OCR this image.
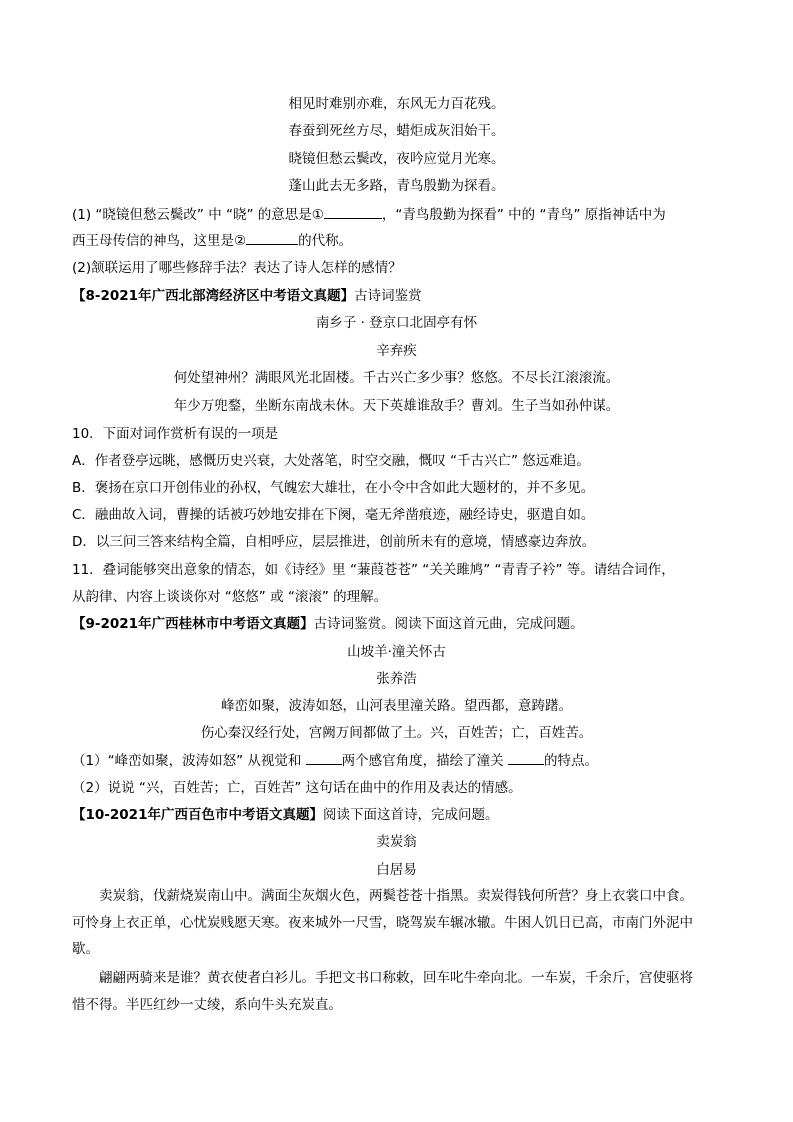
相见时难别亦难，东风无力百花残。
春蚕到死丝方尽，蜡炬成灰泪始干。
晓镜但愁云鬓改，夜吟应觉月光寒。
蓬山此去无多路，青鸟殷勤为探看。
(1) “晓镜但愁云鬓改” 中 “晓” 的意思是①	，“青鸟殷勤为探看” 中的 “青鸟” 原指神话中为
西王母传信的神鸟，这里是②	的代称。
(2)颔联运用了哪些修辞手法？表达了诗人怎样的感情？
【8-2021年广西北部湾经济区中考语文真题】古诗词鉴赏
南乡子 · 登京口北固亭有怀
辛弃疾
何处望神州？满眼风光北固楼。千古兴亡多少事？悠悠。不尽长江滚滚流。
年少万兜鍪，坐断东南战未休。天下英雄谁敌手？曹刘。生子当如孙仲谋。
10．下面对词作赏析有误的一项是
A．作者登亭远眺，感慨历史兴衰，大处落笔，时空交融，慨叹 “千古兴亡” 悠远难追。
B．褒扬在京口开创伟业的孙权，气魄宏大雄壮，在小令中含如此大题材的，并不多见。
C．融曲故入词，曹操的话被巧妙地安排在下阕，毫无斧凿痕迹，融经诗史，驱遣自如。
D．以三问三答来结构全篇，自相呼应，层层推进，创前所未有的意境，情感豪边奔放。
11．叠词能够突出意象的情态，如《诗经》里 “蒹葭苍苍” “关关雎鸠” “青青子衿” 等。请结合词作，
从韵律、内容上谈谈你对 “悠悠” 或 “滚滚” 的理解。
【9-2021年广西桂林市中考语文真题】古诗词鉴赏。阅读下面这首元曲，完成问题。
山坡羊·潼关怀古
张养浩
峰峦如聚，波涛如怒，山河表里潼关路。望西都，意踌躇。
伤心秦汉经行处，宫阙万间都做了土。兴，百姓苦；亡，百姓苦。
（1）“峰峦如聚，波涛如怒” 从视觉和	两个感官角度，描绘了潼关	的特点。
（2）说说 “兴，百姓苦；亡，百姓苦” 这句话在曲中的作用及表达的情感。
【10-2021年广西百色市中考语文真题】阅读下面这首诗，完成问题。
卖炭翁
白居易
卖炭翁，伐薪烧炭南山中。满面尘灰烟火色，两鬓苍苍十指黑。卖炭得钱何所营？身上衣裳口中食。
可怜身上衣正单，心忧炭贱愿天寒。夜来城外一尺雪，晓驾炭车辗冰辙。牛困人饥日已高，市南门外泥中
歇。
翩翩两骑来是谁？黄衣使者白衫儿。手把文书口称敕，回车叱牛牵向北。一车炭，千余斤，宫使驱将
惜不得。半匹红纱一丈绫，系向牛头充炭直。
